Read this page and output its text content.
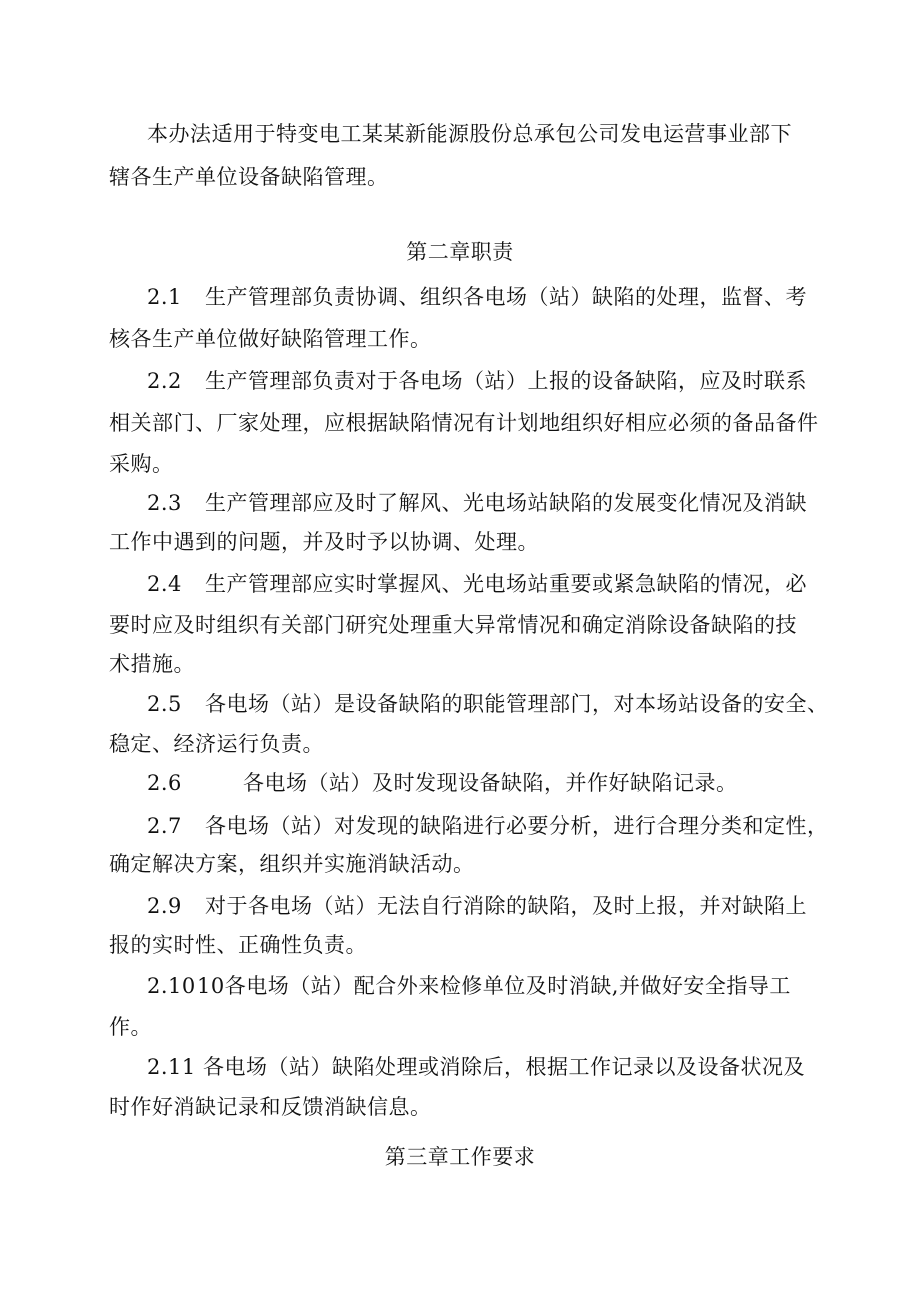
本办法适用于特变电工某某新能源股份总承包公司发电运营事业部下
辖各生产单位设备缺陷管理。
第二章职责
2.1 生产管理部负责协调、组织各电场（站）缺陷的处理，监督、考
核各生产单位做好缺陷管理工作。
2.2 生产管理部负责对于各电场（站）上报的设备缺陷，应及时联系
相关部门、厂家处理，应根据缺陷情况有计划地组织好相应必须的备品备件
采购。
2.3 生产管理部应及时了解风、光电场站缺陷的发展变化情况及消缺
工作中遇到的问题，并及时予以协调、处理。
2.4 生产管理部应实时掌握风、光电场站重要或紧急缺陷的情况，必
要时应及时组织有关部门研究处理重大异常情况和确定消除设备缺陷的技
术措施。
2.5 各电场（站）是设备缺陷的职能管理部门，对本场站设备的安全、
稳定、经济运行负责。
2.6	各电场（站）及时发现设备缺陷，并作好缺陷记录。
2.7 各电场（站）对发现的缺陷进行必要分析，进行合理分类和定性，
确定解决方案，组织并实施消缺活动。
2.9 对于各电场（站）无法自行消除的缺陷，及时上报，并对缺陷上
报的实时性、正确性负责。
2.1010各电场（站）配合外来检修单位及时消缺,并做好安全指导工
作。
2.11 各电场（站）缺陷处理或消除后，根据工作记录以及设备状况及
时作好消缺记录和反馈消缺信息。
第三章工作要求
